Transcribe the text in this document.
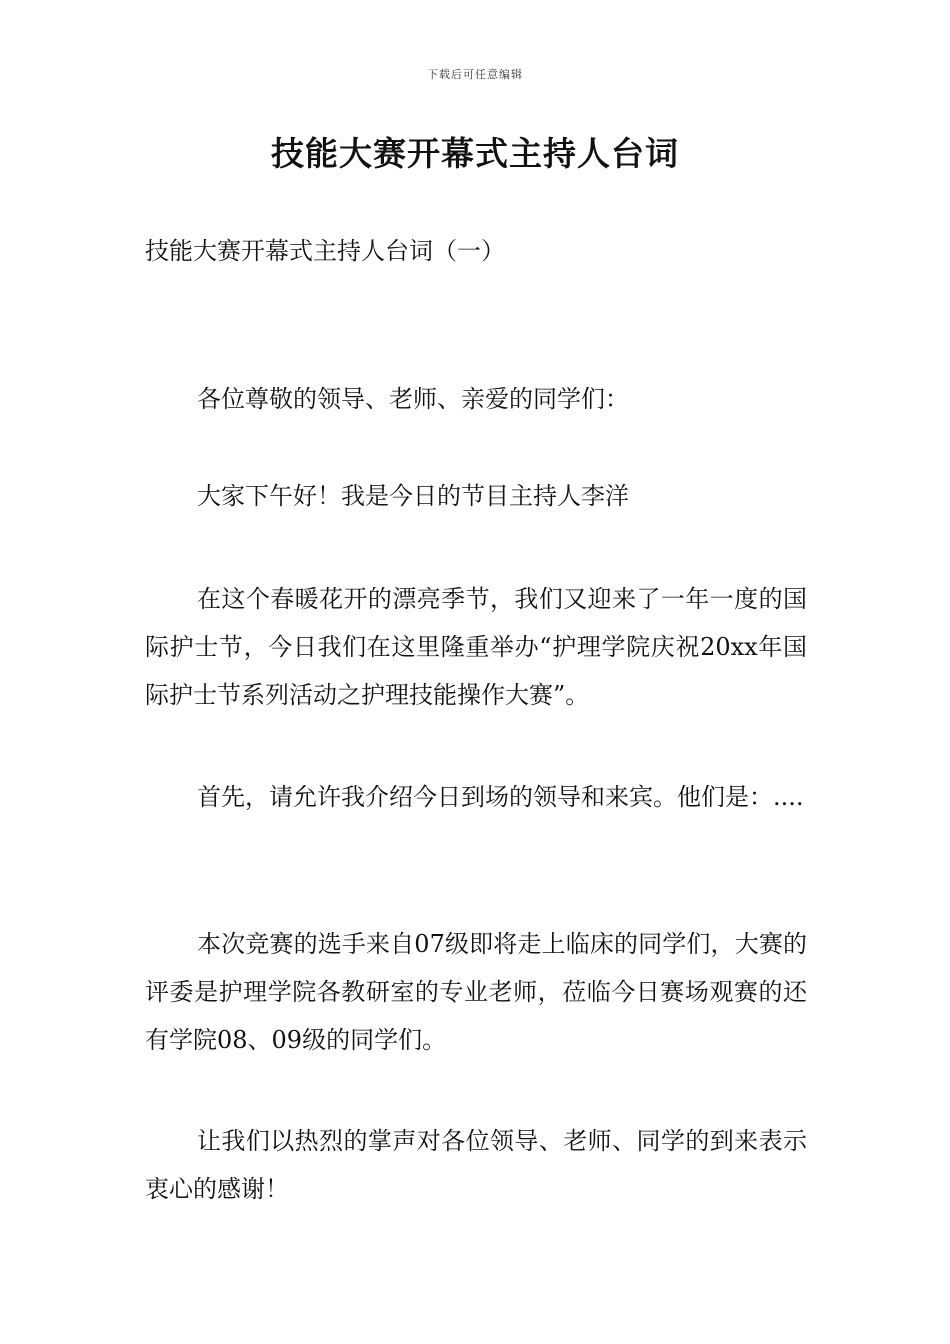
下载后可任意编辑
技能大赛开幕式主持人台词

技能大赛开幕式主持人台词（一）

各位尊敬的领导、老师、亲爱的同学们：

大家下午好！我是今日的节目主持人李洋

在这个春暖花开的漂亮季节，我们又迎来了一年一度的国际护士节，今日我们在这里隆重举办“护理学院庆祝20xx年国际护士节系列活动之护理技能操作大赛”。

首先，请允许我介绍今日到场的领导和来宾。他们是：....

本次竞赛的选手来自07级即将走上临床的同学们，大赛的评委是护理学院各教研室的专业老师，莅临今日赛场观赛的还有学院08、09级的同学们。

让我们以热烈的掌声对各位领导、老师、同学的到来表示衷心的感谢！
